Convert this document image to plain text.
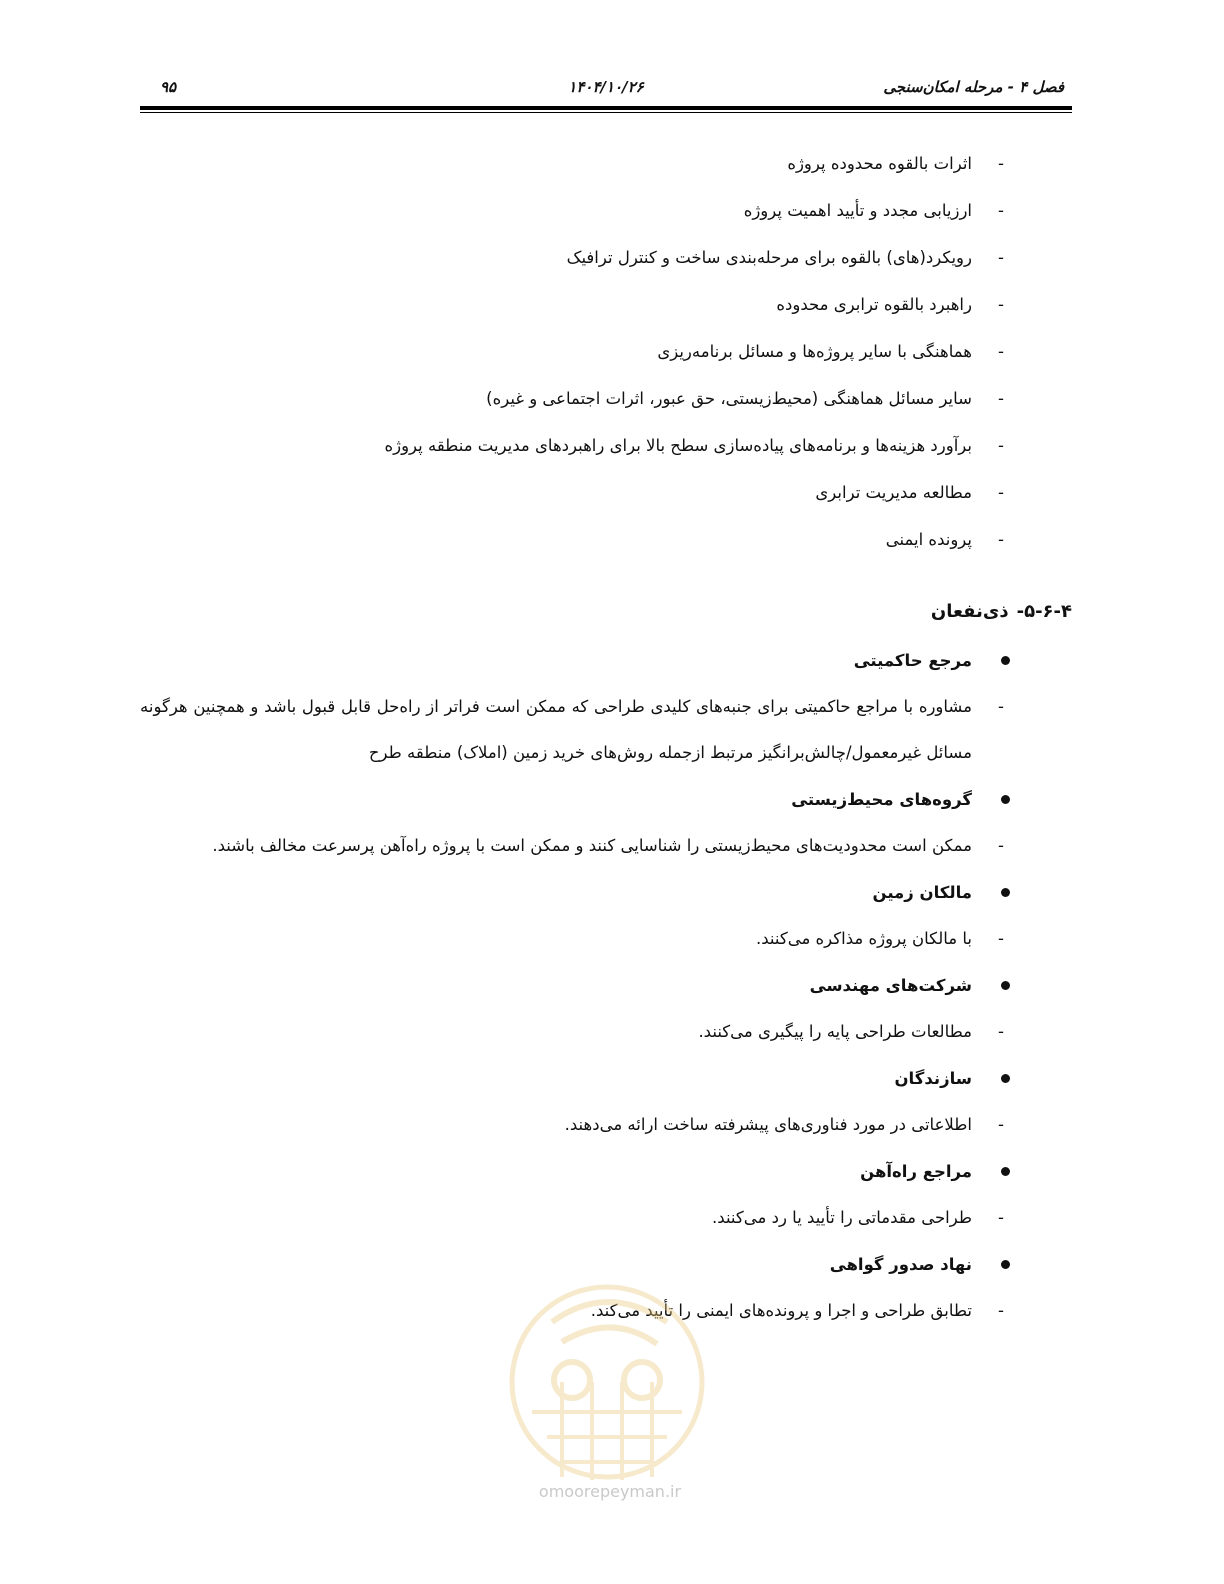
فصل ۴ - مرحله امکان‌سنجی
۱۴۰۴/۱۰/۲۶
۹۵
-
اثرات بالقوه محدوده پروژه
-
ارزیابی مجدد و تأیید اهمیت پروژه
-
رویکرد(های) بالقوه برای مرحله‌بندی ساخت و کنترل ترافیک
-
راهبرد بالقوه ترابری محدوده
-
هماهنگی با سایر پروژه‌ها و مسائل برنامه‌ریزی
-
سایر مسائل هماهنگی (محیط‌زیستی، حق عبور، اثرات اجتماعی و غیره)
-
برآورد هزینه‌ها و برنامه‌های پیاده‌سازی سطح بالا برای راهبردهای مدیریت منطقه پروژه
-
مطالعه مدیریت ترابری
-
پرونده ایمنی
۵-۶-۴-ذی‌نفعان
مرجع حاکمیتی
-
مشاوره با مراجع حاکمیتی برای جنبه‌های کلیدی طراحی که ممکن است فراتر از راه‌حل قابل قبول باشد و همچنین هرگونه مسائل غیرمعمول/چالش‌برانگیز مرتبط ازجمله روش‌های خرید زمین (املاک) منطقه طرح
گروه‌های محیط‌زیستی
-
ممکن است محدودیت‌های محیط‌زیستی را شناسایی کنند و ممکن است با پروژه راه‌آهن پرسرعت مخالف باشند.
مالکان زمین
-
با مالکان پروژه مذاکره می‌کنند.
شرکت‌های مهندسی
-
مطالعات طراحی پایه را پیگیری می‌کنند.
سازندگان
-
اطلاعاتی در مورد فناوری‌های پیشرفته ساخت ارائه می‌دهند.
مراجع راه‌آهن
-
طراحی مقدماتی را تأیید یا رد می‌کنند.
نهاد صدور گواهی
-
تطابق طراحی و اجرا و پرونده‌های ایمنی را تأیید می‌کند.
omoorepeyman.ir
